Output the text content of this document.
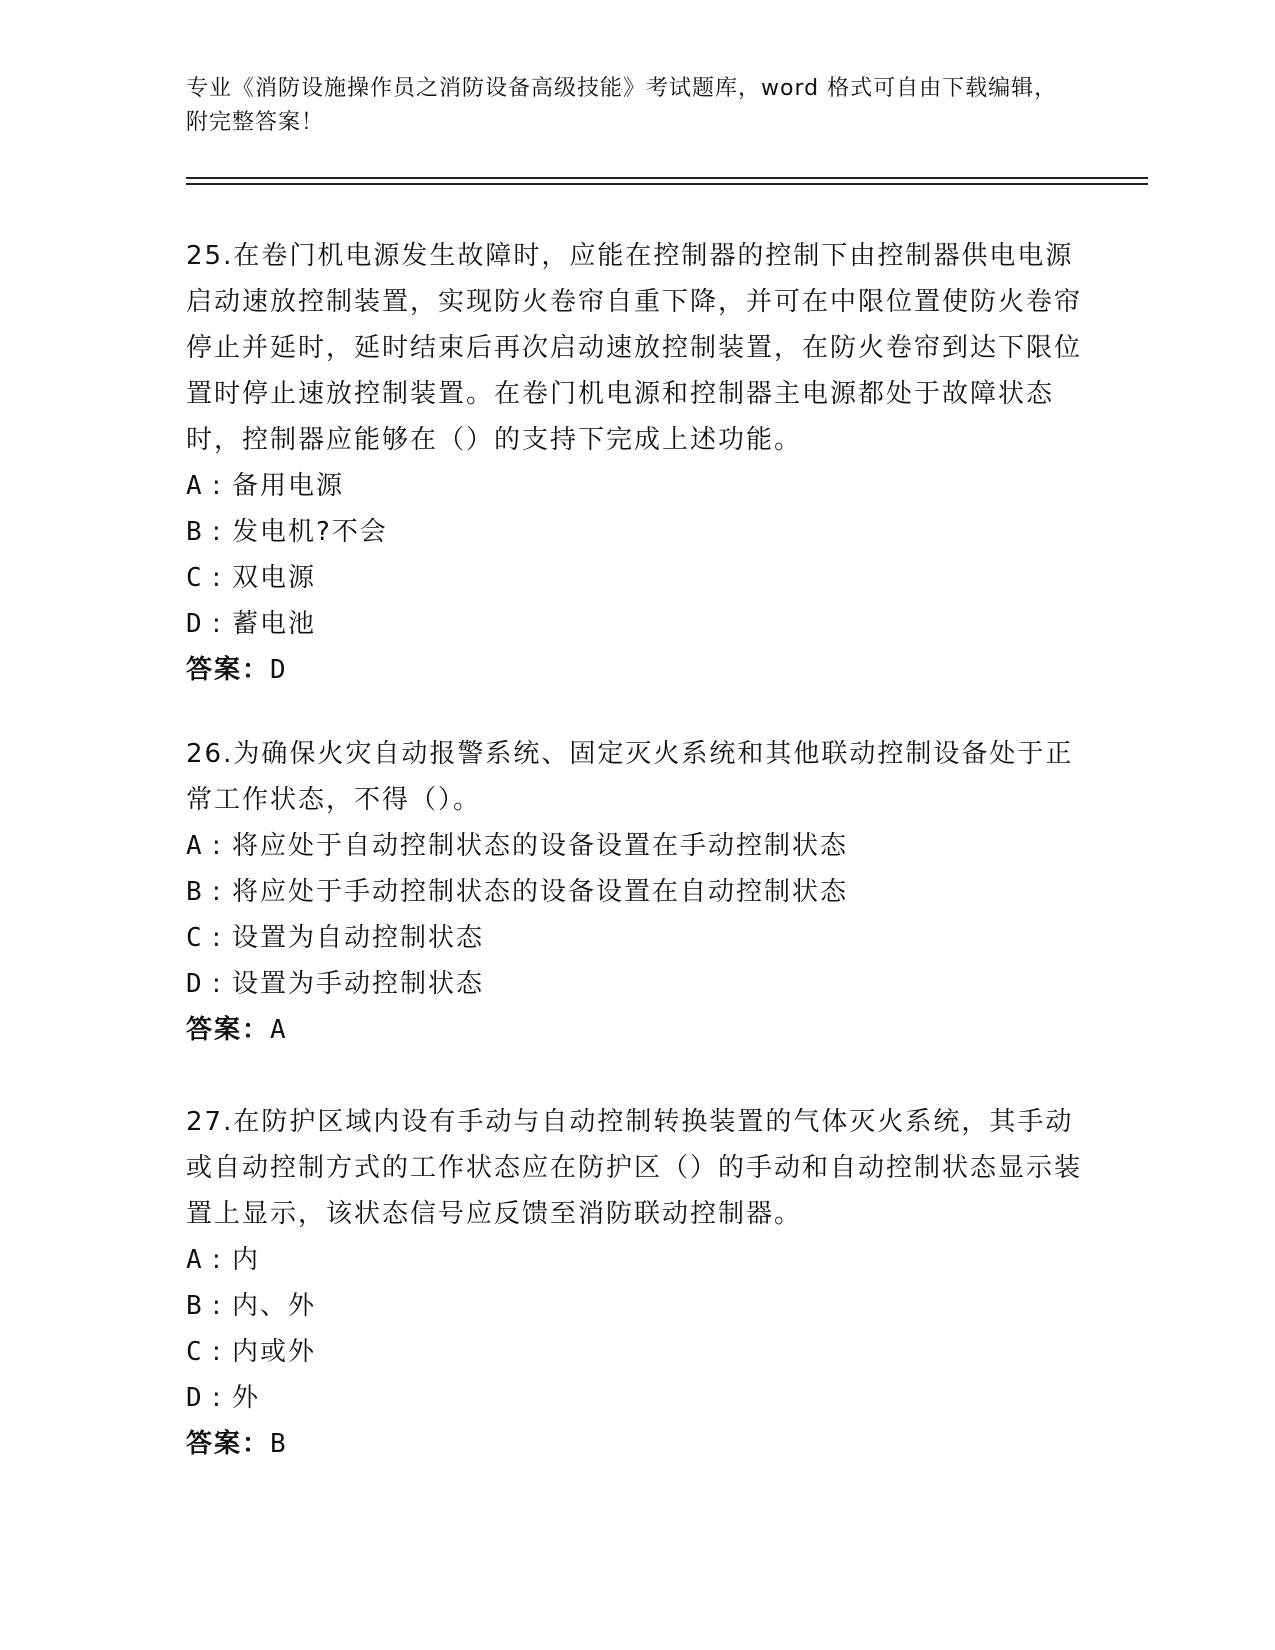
专业《消防设施操作员之消防设备高级技能》考试题库，word 格式可自由下载编辑，附完整答案！

25.在卷门机电源发生故障时，应能在控制器的控制下由控制器供电电源启动速放控制装置，实现防火卷帘自重下降，并可在中限位置使防火卷帘停止并延时，延时结束后再次启动速放控制装置，在防火卷帘到达下限位置时停止速放控制装置。在卷门机电源和控制器主电源都处于故障状态时，控制器应能够在（）的支持下完成上述功能。

A : 备用电源
B : 发电机?不会
C : 双电源
D : 蓄电池
答案：D

26.为确保火灾自动报警系统、固定灭火系统和其他联动控制设备处于正常工作状态，不得（）。

A : 将应处于自动控制状态的设备设置在手动控制状态
B : 将应处于手动控制状态的设备设置在自动控制状态
C : 设置为自动控制状态
D : 设置为手动控制状态
答案：A

27.在防护区域内设有手动与自动控制转换装置的气体灭火系统，其手动或自动控制方式的工作状态应在防护区（）的手动和自动控制状态显示装置上显示，该状态信号应反馈至消防联动控制器。

A : 内
B : 内、外
C : 内或外
D : 外
答案：B
